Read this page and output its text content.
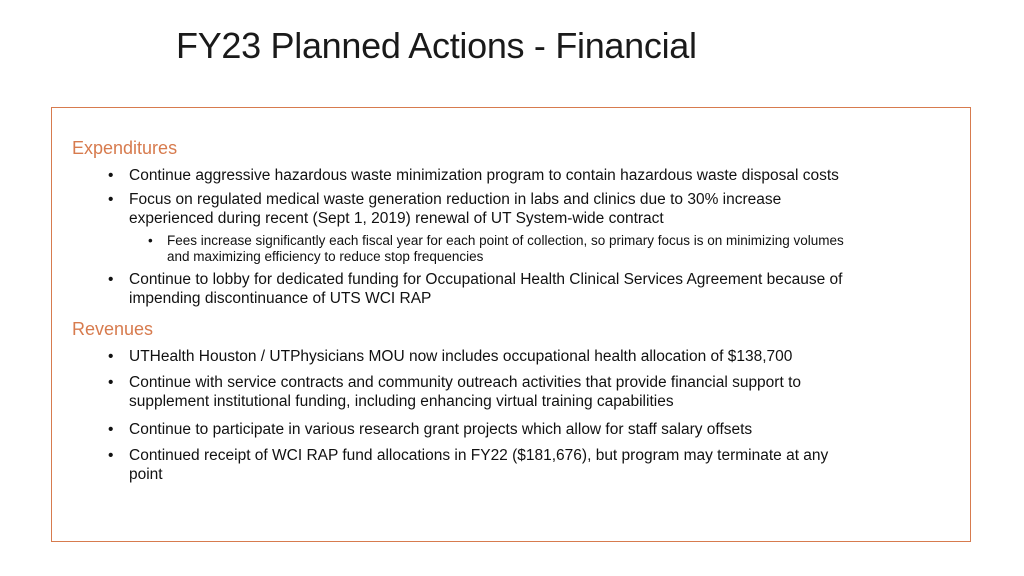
FY23 Planned Actions - Financial
Expenditures
• Continue aggressive hazardous waste minimization program to contain hazardous waste disposal costs
• Focus on regulated medical waste generation reduction in labs and clinics due to 30% increase
experienced during recent (Sept 1, 2019) renewal of UT System-wide contract
• Fees increase significantly each fiscal year for each point of collection, so primary focus is on minimizing volumes
and maximizing efficiency to reduce stop frequencies
• Continue to lobby for dedicated funding for Occupational Health Clinical Services Agreement because of
impending discontinuance of UTS WCI RAP
Revenues
• UTHealth Houston / UTPhysicians MOU now includes occupational health allocation of $138,700
• Continue with service contracts and community outreach activities that provide financial support to
supplement institutional funding, including enhancing virtual training capabilities
• Continue to participate in various research grant projects which allow for staff salary offsets
• Continued receipt of WCI RAP fund allocations in FY22 ($181,676), but program may terminate at any
point
